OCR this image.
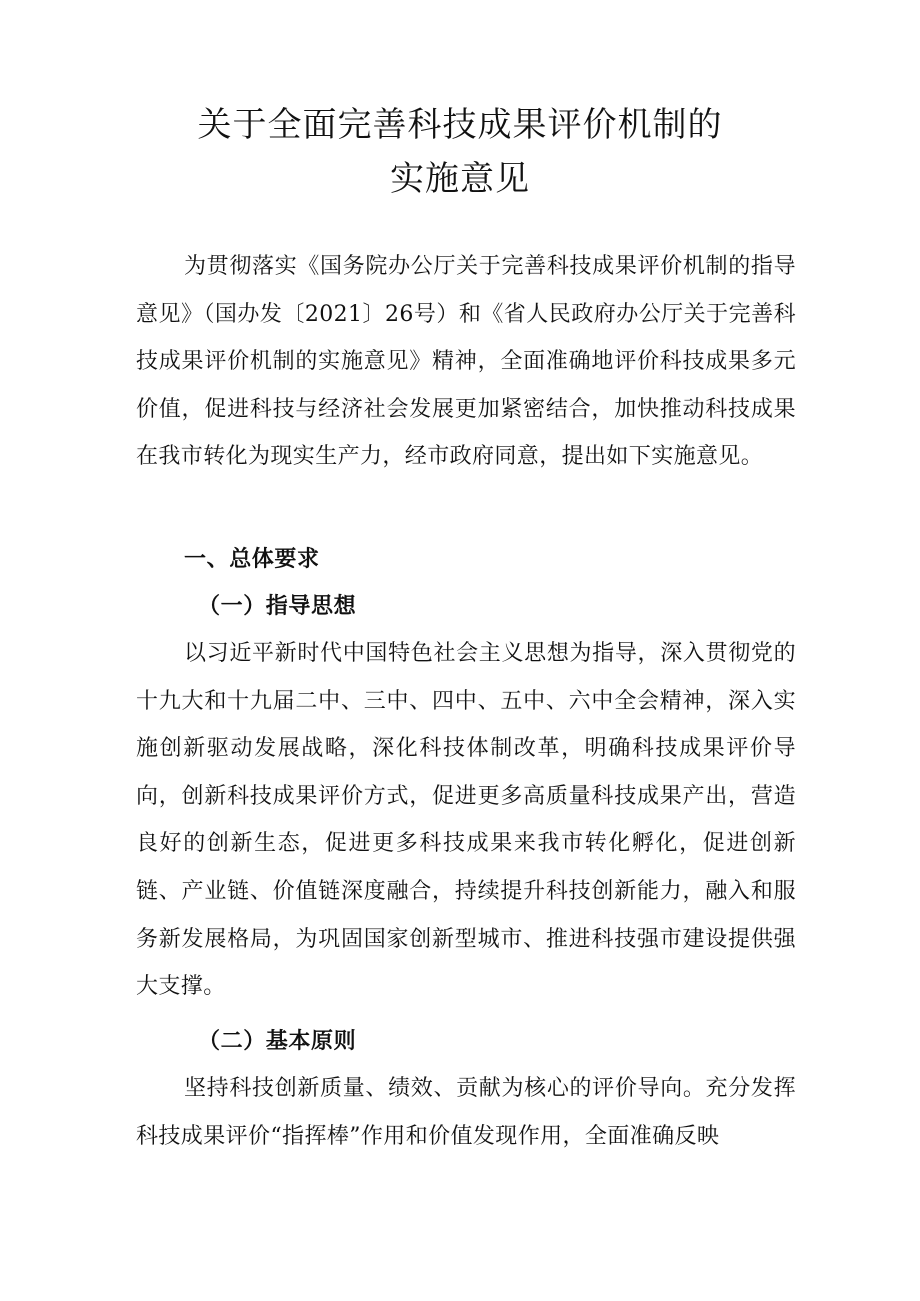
关于全面完善科技成果评价机制的
实施意见

为贯彻落实《国务院办公厅关于完善科技成果评价机制的指导意见》（国办发〔2021〕26号）和《省人民政府办公厅关于完善科技成果评价机制的实施意见》精神，全面准确地评价科技成果多元价值，促进科技与经济社会发展更加紧密结合，加快推动科技成果在我市转化为现实生产力，经市政府同意，提出如下实施意见。

一、总体要求
（一）指导思想

以习近平新时代中国特色社会主义思想为指导，深入贯彻党的十九大和十九届二中、三中、四中、五中、六中全会精神，深入实施创新驱动发展战略，深化科技体制改革，明确科技成果评价导向，创新科技成果评价方式，促进更多高质量科技成果产出，营造良好的创新生态，促进更多科技成果来我市转化孵化，促进创新链、产业链、价值链深度融合，持续提升科技创新能力，融入和服务新发展格局，为巩固国家创新型城市、推进科技强市建设提供强大支撑。

（二）基本原则

坚持科技创新质量、绩效、贡献为核心的评价导向。充分发挥科技成果评价“指挥棒”作用和价值发现作用，全面准确反映
